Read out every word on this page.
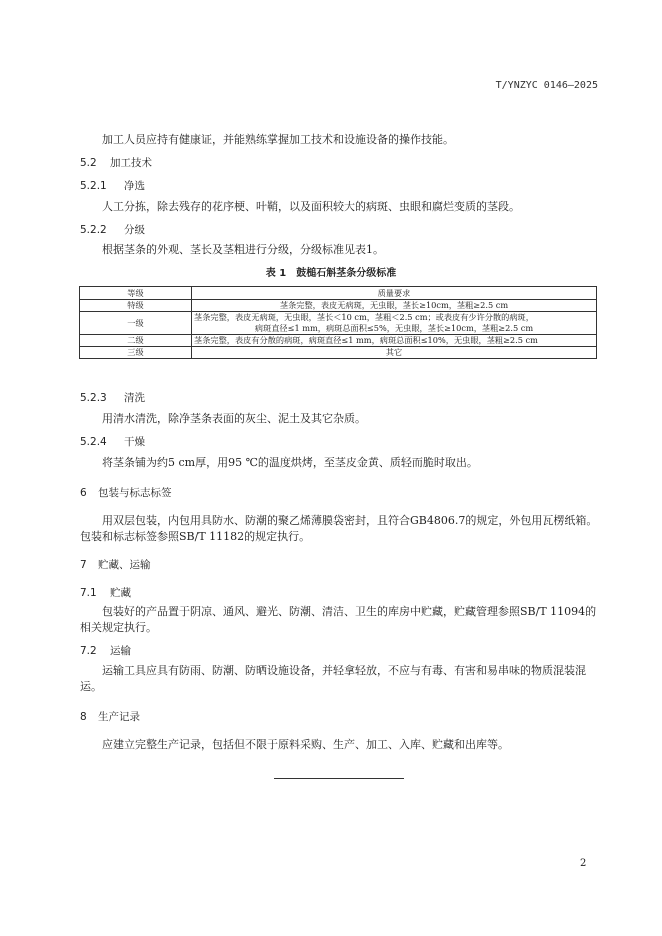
T/YNZYC 0146—2025
加工人员应持有健康证，并能熟练掌握加工技术和设施设备的操作技能。
5.2 加工技术
5.2.1 净选
人工分拣，除去残存的花序梗、叶鞘，以及面积较大的病斑、虫眼和腐烂变质的茎段。
5.2.2 分级
根据茎条的外观、茎长及茎粗进行分级，分级标准见表1。
表 1　鼓槌石斛茎条分级标准
等级	质量要求
特级	茎条完整，表皮无病斑，无虫眼，茎长≥10cm，茎粗≥2.5 cm
一级	茎条完整，表皮无病斑，无虫眼，茎长＜10 cm，茎粗＜2.5 cm；或表皮有少许分散的病斑，
病斑直径≤1 mm，病斑总面积≤5%，无虫眼，茎长≥10cm，茎粗≥2.5 cm

二级	茎条完整，表皮有分散的病斑，病斑直径≤1 mm，病斑总面积≤10%，无虫眼，茎粗≥2.5 cm
三级	其它
5.2.3 清洗
用清水清洗，除净茎条表面的灰尘、泥土及其它杂质。
5.2.4 干燥
将茎条铺为约5 cm厚，用95 ℃的温度烘烤，至茎皮金黄、质轻而脆时取出。
6 包装与标志标签
用双层包装，内包用具防水、防潮的聚乙烯薄膜袋密封，且符合GB4806.7的规定，外包用瓦楞纸箱。包装和标志标签参照SB/T 11182的规定执行。
7 贮藏、运输
7.1 贮藏
包装好的产品置于阴凉、通风、避光、防潮、清洁、卫生的库房中贮藏，贮藏管理参照SB/T 11094的相关规定执行。
7.2 运输
运输工具应具有防雨、防潮、防晒设施设备，并轻拿轻放，不应与有毒、有害和易串味的物质混装混运。
8 生产记录
应建立完整生产记录，包括但不限于原料采购、生产、加工、入库、贮藏和出库等。
2
